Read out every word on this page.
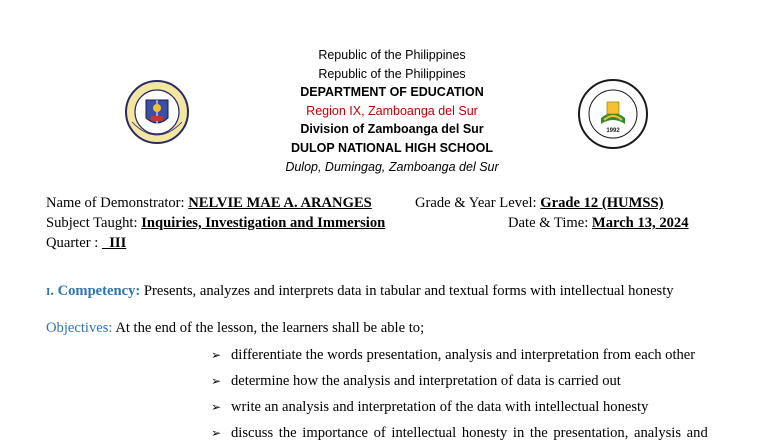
1992
Republic of the Philippines
Republic of the Philippines
DEPARTMENT OF EDUCATION
Region IX, Zamboanga del Sur
Division of Zamboanga del Sur
DULOP NATIONAL HIGH SCHOOL
Dulop, Dumingag, Zamboanga del Sur
Name of Demonstrator: NELVIE MAE A. ARANGES	Grade & Year Level: Grade 12 (HUMSS)
Subject Taught: Inquiries, Investigation and Immersion	Date & Time: March 13, 2024
Quarter :   III
I. Competency: Presents, analyzes and interprets data in tabular and textual forms with intellectual honesty
Objectives: At the end of the lesson, the learners shall be able to;
➢ differentiate the words presentation, analysis and interpretation from each other
➢ determine how the analysis and interpretation of data is carried out
➢ write an analysis and interpretation of the data with intellectual honesty
➢ discuss the importance of intellectual honesty in the presentation, analysis and
